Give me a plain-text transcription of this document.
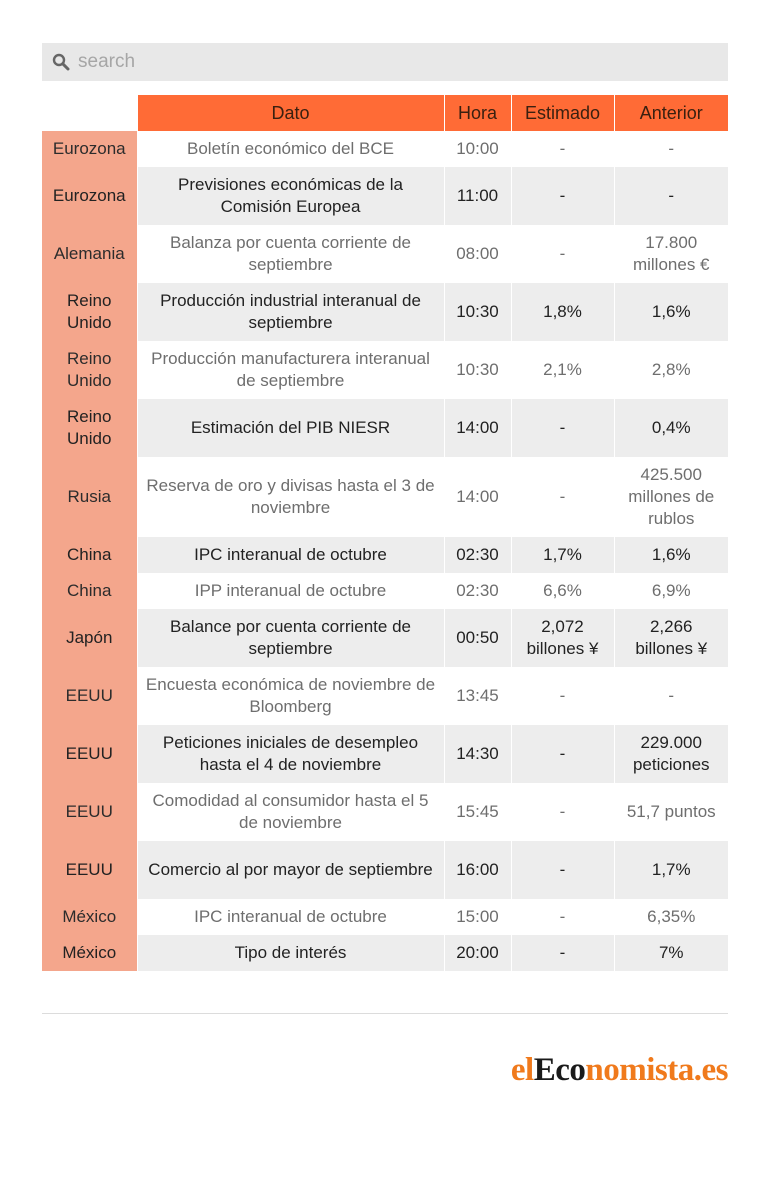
search
	Dato	Hora	Estimado	Anterior
Eurozona	Boletín económico del BCE	10:00	-	-
Eurozona	Previsiones económicas de la Comisión Europea	11:00	-	-
Alemania	Balanza por cuenta corriente de septiembre	08:00	-	17.800 millones €
Reino Unido	Producción industrial interanual de septiembre	10:30	1,8%	1,6%
Reino Unido	Producción manufacturera interanual de septiembre	10:30	2,1%	2,8%
Reino Unido	Estimación del PIB NIESR	14:00	-	0,4%
Rusia	Reserva de oro y divisas hasta el 3 de noviembre	14:00	-	425.500 millones de rublos
China	IPC interanual de octubre	02:30	1,7%	1,6%
China	IPP interanual de octubre	02:30	6,6%	6,9%
Japón	Balance por cuenta corriente de septiembre	00:50	2,072 billones ¥	2,266 billones ¥
EEUU	Encuesta económica de noviembre de Bloomberg	13:45	-	-
EEUU	Peticiones iniciales de desempleo hasta el 4 de noviembre	14:30	-	229.000 peticiones
EEUU	Comodidad al consumidor hasta el 5 de noviembre	15:45	-	51,7 puntos
EEUU	Comercio al por mayor de septiembre	16:00	-	1,7%
México	IPC interanual de octubre	15:00	-	6,35%
México	Tipo de interés	20:00	-	7%
elEconomista.es
